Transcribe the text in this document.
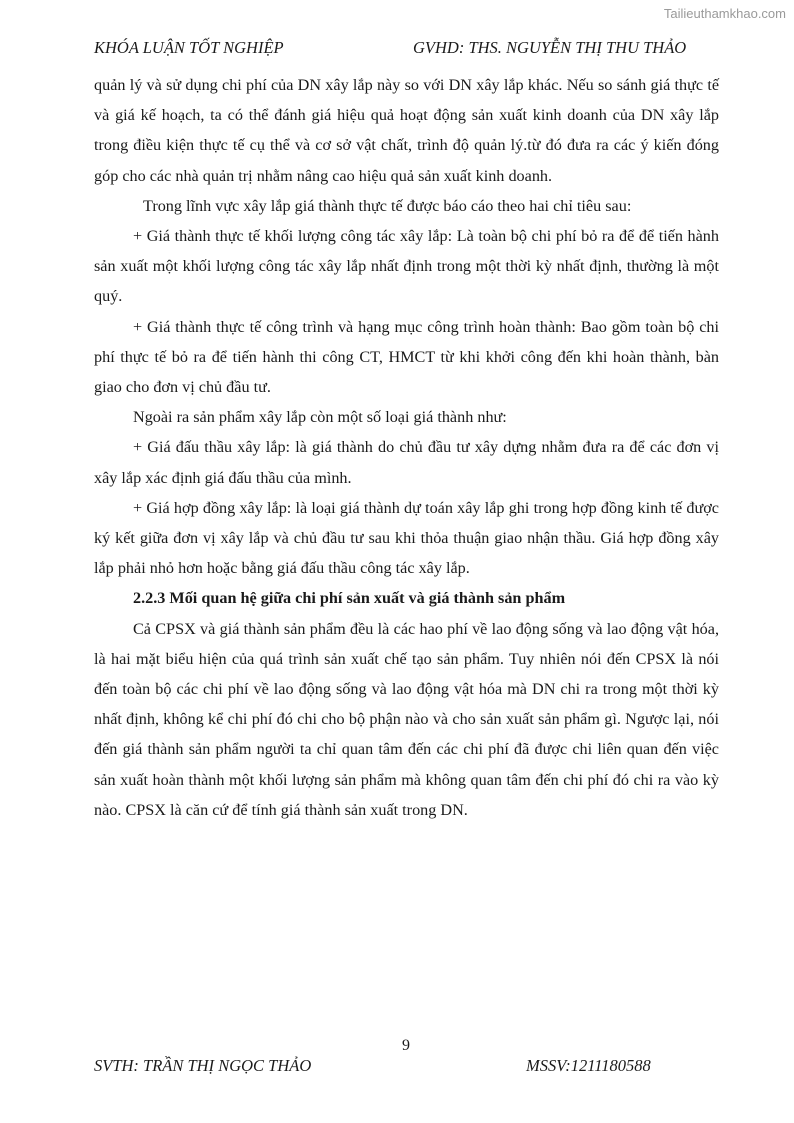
Tailieuthamkhao.com
KHÓA LUẬN TỐT NGHIỆP	GVHD: THS. NGUYỄN THỊ THU THẢO

quản lý và sử dụng chi phí của DN xây lắp này so với DN xây lắp khác. Nếu so sánh giá thực tế và giá kế hoạch, ta có thể đánh giá hiệu quả hoạt động sản xuất kinh doanh của DN xây lắp trong điều kiện thực tế cụ thể và cơ sở vật chất, trình độ quản lý.từ đó đưa ra các ý kiến đóng góp cho các nhà quản trị nhằm nâng cao hiệu quả sản xuất kinh doanh.

Trong lĩnh vực xây lắp giá thành thực tế được báo cáo theo hai chỉ tiêu sau:

+ Giá thành thực tế khối lượng công tác xây lắp: Là toàn bộ chi phí bỏ ra để để tiến hành sản xuất một khối lượng công tác xây lắp nhất định trong một thời kỳ nhất định, thường là một quý.

+ Giá thành thực tế công trình và hạng mục công trình hoàn thành: Bao gồm toàn bộ chi phí thực tế bỏ ra để tiến hành thi công CT, HMCT từ khi khởi công đến khi hoàn thành, bàn giao cho đơn vị chủ đầu tư.

Ngoài ra sản phẩm xây lắp còn một số loại giá thành như:

+ Giá đấu thầu xây lắp: là giá thành do chủ đầu tư xây dựng nhằm đưa ra để các đơn vị xây lắp xác định giá đấu thầu của mình.

+ Giá hợp đồng xây lắp: là loại giá thành dự toán xây lắp ghi trong hợp đồng kinh tế được ký kết giữa đơn vị xây lắp và chủ đầu tư sau khi thỏa thuận giao nhận thầu. Giá hợp đồng xây lắp phải nhỏ hơn hoặc bằng giá đấu thầu công tác xây lắp.

2.2.3 Mối quan hệ giữa chi phí sản xuất và giá thành sản phẩm

Cả CPSX và giá thành sản phẩm đều là các hao phí về lao động sống và lao động vật hóa, là hai mặt biểu hiện của quá trình sản xuất chế tạo sản phẩm. Tuy nhiên nói đến CPSX là nói đến toàn bộ các chi phí về lao động sống và lao động vật hóa mà DN chi ra trong một thời kỳ nhất định, không kể chi phí đó chi cho bộ phận nào và cho sản xuất sản phẩm gì. Ngược lại, nói đến giá thành sản phẩm người ta chỉ quan tâm đến các chi phí đã được chi liên quan đến việc sản xuất hoàn thành một khối lượng sản phẩm mà không quan tâm đến chi phí đó chi ra vào kỳ nào. CPSX là căn cứ để tính giá thành sản xuất trong DN.

9
SVTH: TRẦN THỊ NGỌC THẢO	MSSV:1211180588
